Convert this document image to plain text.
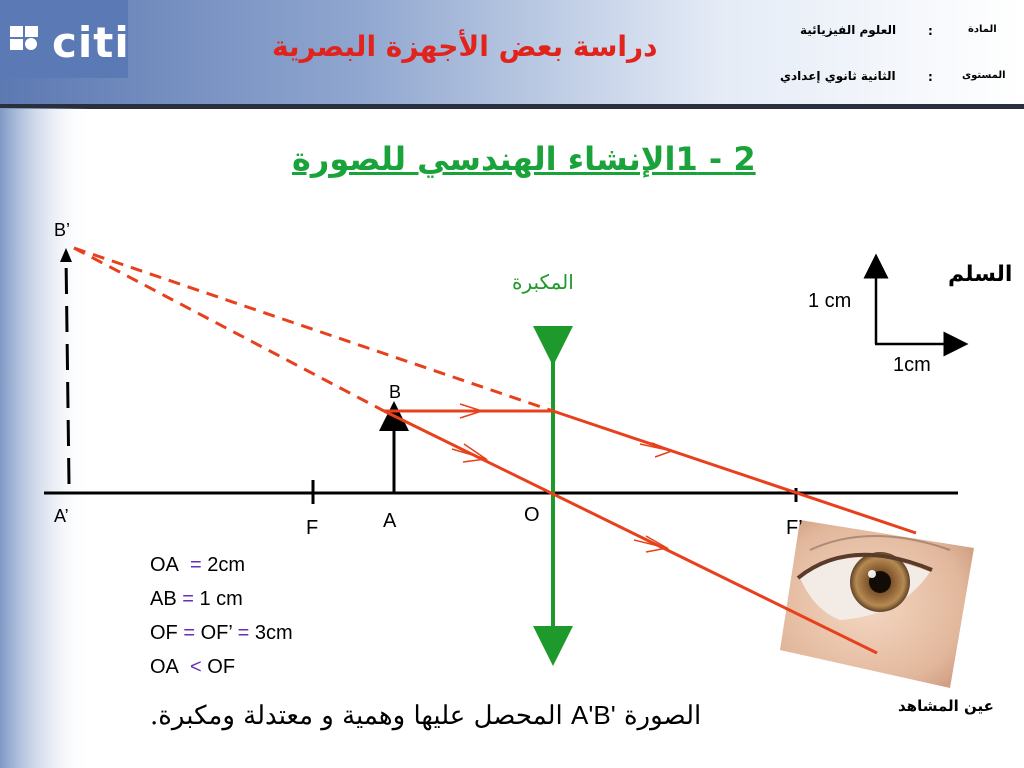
citi	دراسة بعض الأجهزة البصرية
المادة
:
العلوم الفيزيائية
المستوى
:
الثانية ثانوي إعدادي
2 - 1الإنشاء الهندسي للصورة
السلم
1 cm
1cm
المكبرة
B’
A’
B
A
F
O
F’
OA = 2cm
AB = 1 cm
OF = OF’ = 3cm
OA < OF
عين المشاهد
الصورة A'B' المحصل عليها وهمية و معتدلة ومكبرة.
